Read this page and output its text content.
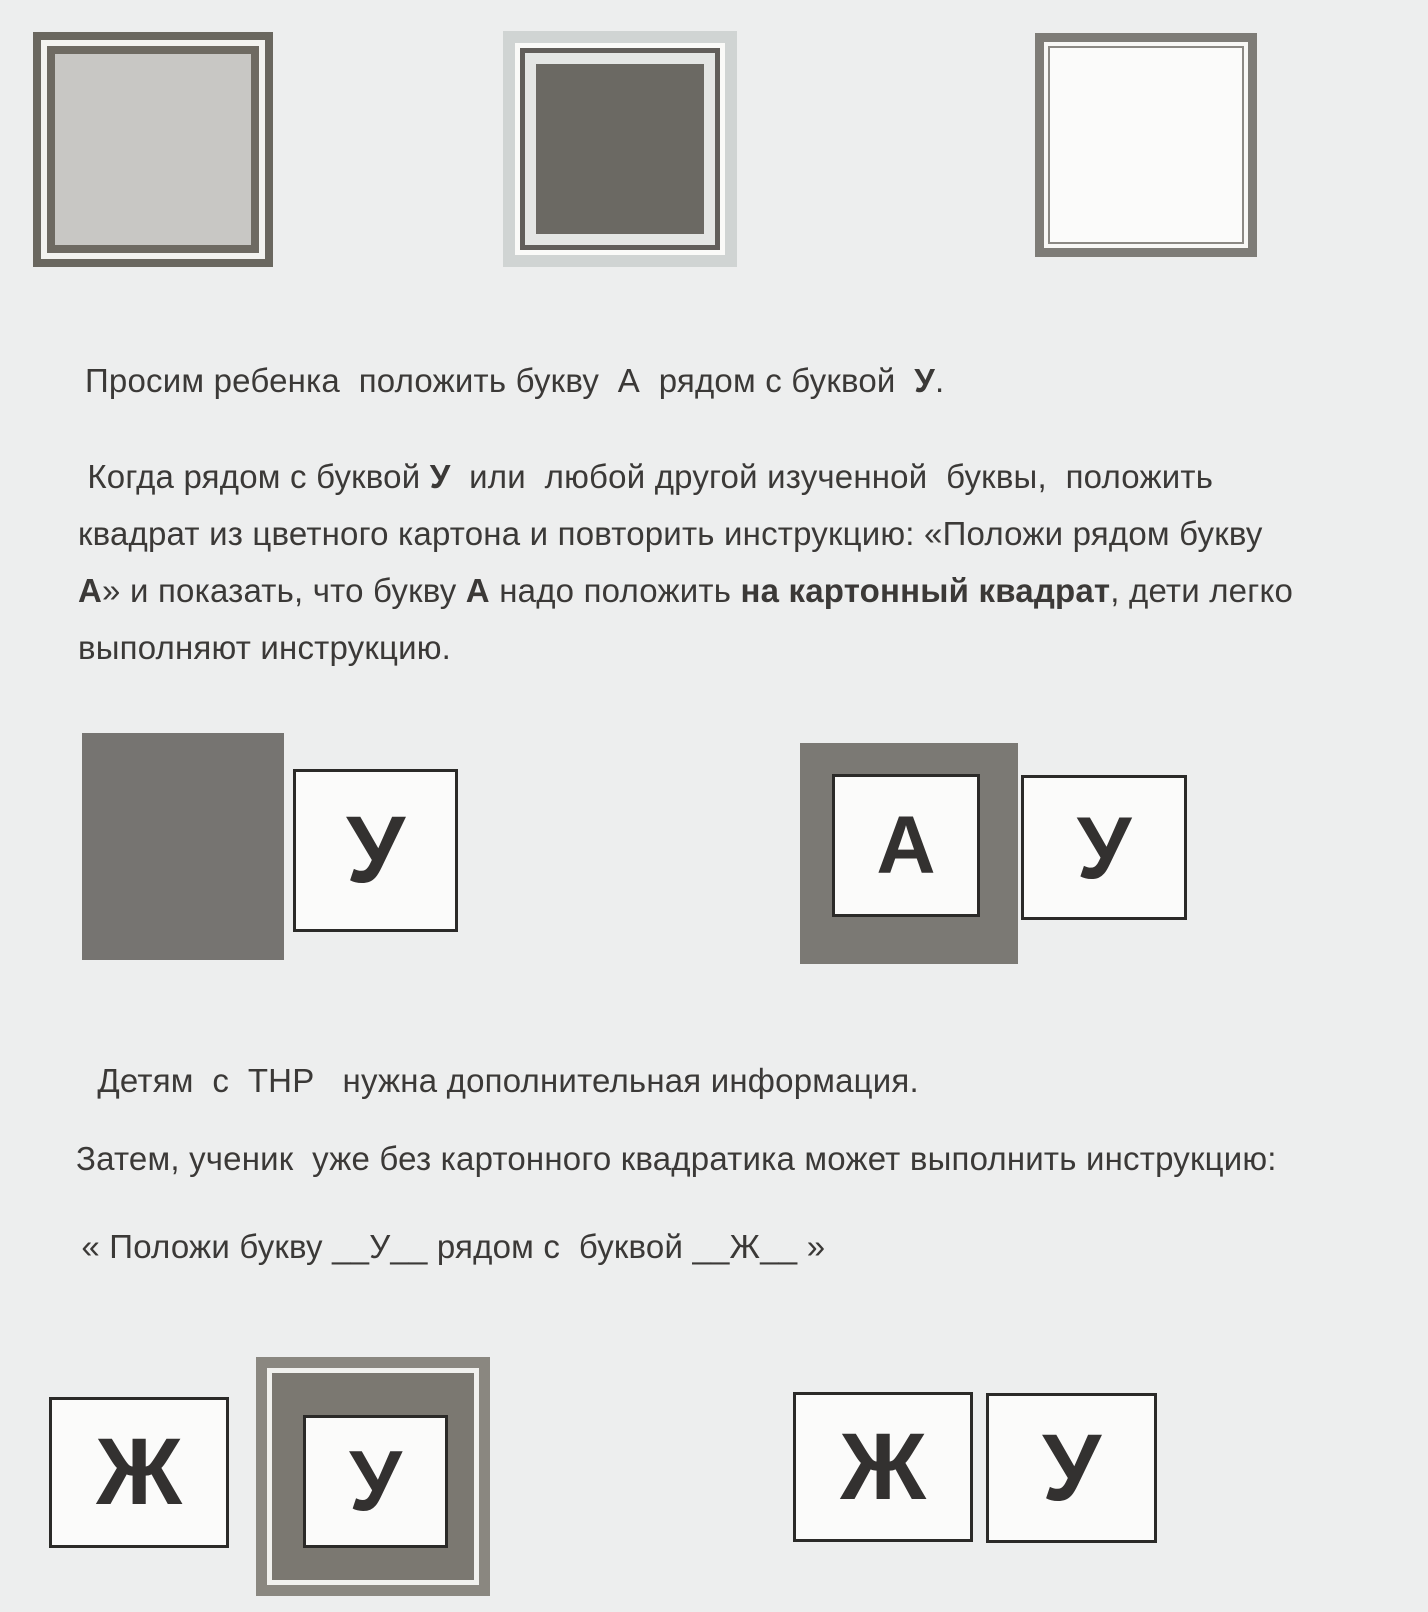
Просим ребенка  положить букву  А  рядом с буквой  У.
Когда рядом с буквой У  или  любой другой изученной  буквы,  положить
квадрат из цветного картона и повторить инструкцию: «Положи рядом букву
А» и показать, что букву А надо положить на картонный квадрат, дети легко
выполняют инструкцию.
У	А У
Детям  с  ТНР   нужна дополнительная информация.
Затем, ученик  уже без картонного квадратика может выполнить инструкцию:
« Положи букву __У__ рядом с  буквой __Ж__ »
Ж У	Ж У
